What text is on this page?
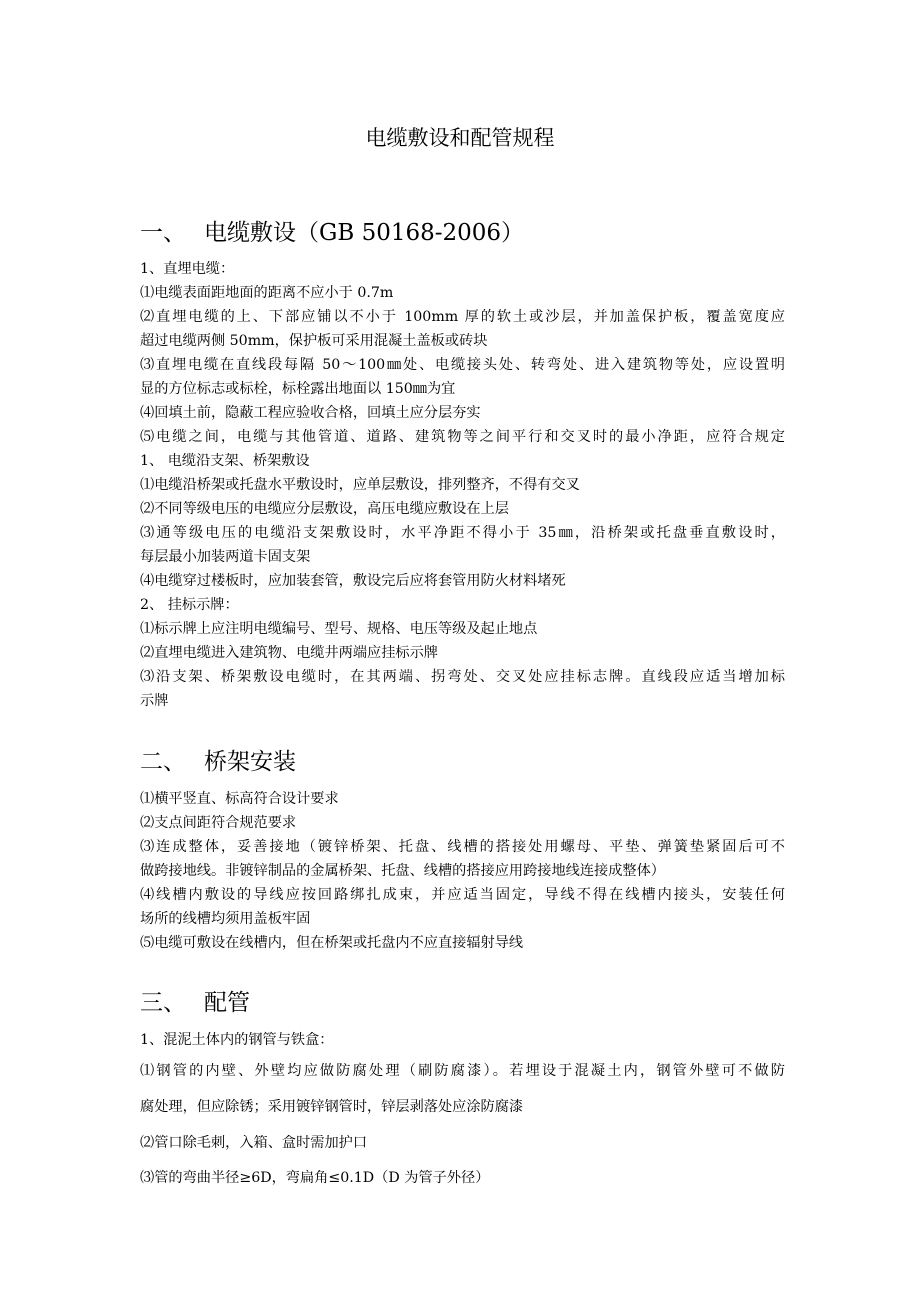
电缆敷设和配管规程
一、 电缆敷设（GB 50168-2006）
1、直埋电缆：
⑴电缆表面距地面的距离不应小于 0.7m
⑵直埋电缆的上、下部应铺以不小于 100mm 厚的软土或沙层，并加盖保护板，覆盖宽度应
超过电缆两侧 50mm，保护板可采用混凝土盖板或砖块
⑶直埋电缆在直线段每隔 50～100㎜处、电缆接头处、转弯处、进入建筑物等处，应设置明
显的方位标志或标栓，标栓露出地面以 150㎜为宜
⑷回填土前，隐蔽工程应验收合格，回填土应分层夯实
⑸电缆之间，电缆与其他管道、道路、建筑物等之间平行和交叉时的最小净距，应符合规定
1、 电缆沿支架、桥架敷设
⑴电缆沿桥架或托盘水平敷设时，应单层敷设，排列整齐，不得有交叉
⑵不同等级电压的电缆应分层敷设，高压电缆应敷设在上层
⑶通等级电压的电缆沿支架敷设时，水平净距不得小于 35㎜，沿桥架或托盘垂直敷设时，
每层最小加装两道卡固支架
⑷电缆穿过楼板时，应加装套管，敷设完后应将套管用防火材料堵死
2、 挂标示牌：
⑴标示牌上应注明电缆编号、型号、规格、电压等级及起止地点
⑵直埋电缆进入建筑物、电缆井两端应挂标示牌
⑶沿支架、桥架敷设电缆时，在其两端、拐弯处、交叉处应挂标志牌。直线段应适当增加标
示牌
二、 桥架安装
⑴横平竖直、标高符合设计要求
⑵支点间距符合规范要求
⑶连成整体，妥善接地（镀锌桥架、托盘、线槽的搭接处用螺母、平垫、弹簧垫紧固后可不
做跨接地线。非镀锌制品的金属桥架、托盘、线槽的搭接应用跨接地线连接成整体）
⑷线槽内敷设的导线应按回路绑扎成束，并应适当固定，导线不得在线槽内接头，安装任何
场所的线槽均须用盖板牢固
⑸电缆可敷设在线槽内，但在桥架或托盘内不应直接辐射导线
三、 配管
1、混泥土体内的钢管与铁盒：
⑴钢管的内壁、外壁均应做防腐处理（刷防腐漆）。若埋设于混凝土内，钢管外壁可不做防
腐处理，但应除锈；采用镀锌钢管时，锌层剥落处应涂防腐漆
⑵管口除毛刺，入箱、盒时需加护口
⑶管的弯曲半径≥6D，弯扁角≤0.1D（D 为管子外径）
